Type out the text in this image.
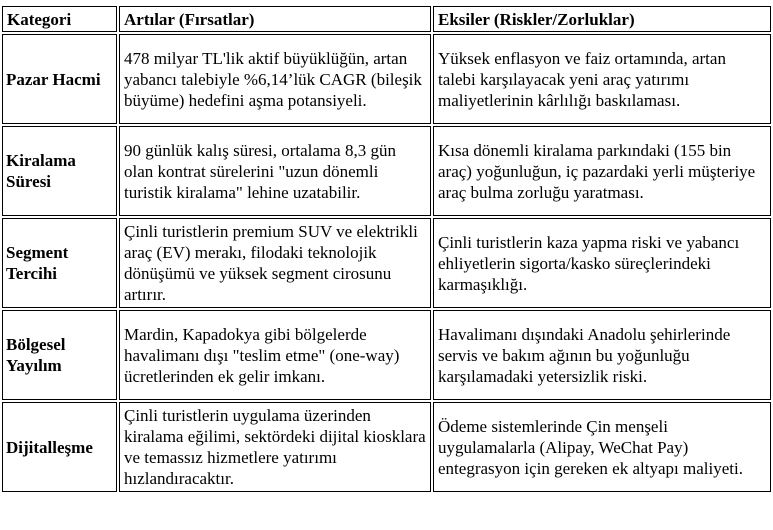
Kategori	Artılar (Fırsatlar)	Eksiler (Riskler/Zorluklar)
Pazar Hacmi	478 milyar TL'lik aktif büyüklüğün, artan yabancı talebiyle %6,14’lük CAGR (bileşik büyüme) hedefini aşma potansiyeli.	Yüksek enflasyon ve faiz ortamında, artan talebi karşılayacak yeni araç yatırımı maliyetlerinin kârlılığı baskılaması.
Kiralama Süresi	90 günlük kalış süresi, ortalama 8,3 gün olan kontrat sürelerini "uzun dönemli turistik kiralama" lehine uzatabilir.	Kısa dönemli kiralama parkındaki (155 bin araç) yoğunluğun, iç pazardaki yerli müşteriye araç bulma zorluğu yaratması.
Segment Tercihi	Çinli turistlerin premium SUV ve elektrikli araç (EV) merakı, filodaki teknolojik dönüşümü ve yüksek segment cirosunu artırır.	Çinli turistlerin kaza yapma riski ve yabancı ehliyetlerin sigorta/kasko süreçlerindeki karmaşıklığı.
Bölgesel Yayılım	Mardin, Kapadokya gibi bölgelerde havalimanı dışı "teslim etme" (one-way) ücretlerinden ek gelir imkanı.	Havalimanı dışındaki Anadolu şehirlerinde servis ve bakım ağının bu yoğunluğu karşılamadaki yetersizlik riski.
Dijitalleşme	Çinli turistlerin uygulama üzerinden kiralama eğilimi, sektördeki dijital kiosklara ve temassız hizmetlere yatırımı hızlandıracaktır.	Ödeme sistemlerinde Çin menşeli uygulamalarla (Alipay, WeChat Pay) entegrasyon için gereken ek altyapı maliyeti.
